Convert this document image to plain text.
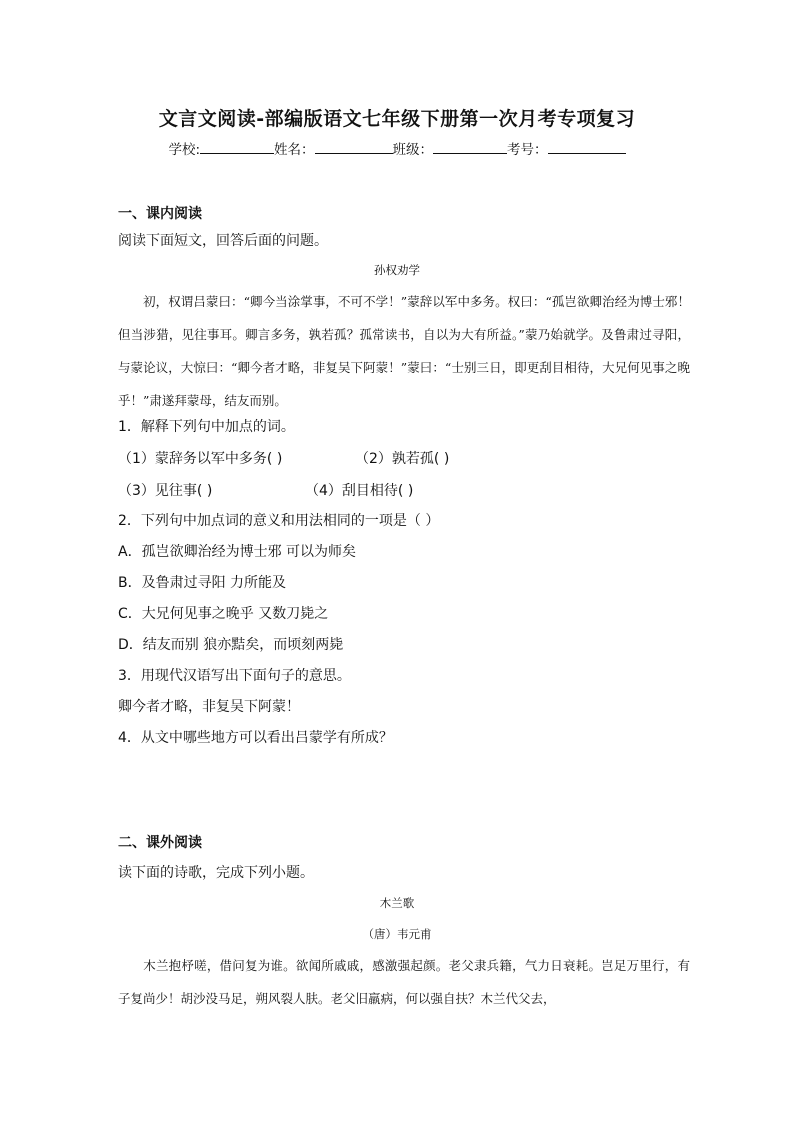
文言文阅读-部编版语文七年级下册第一次月考专项复习
学校:	姓名：	班级：	考号：
一、课内阅读
阅读下面短文，回答后面的问题。
孙权劝学
初，权谓吕蒙曰：“卿今当涂掌事，不可不学！”蒙辞以军中多务。权曰：“孤岂欲卿治经为博士邪！但当涉猎，见往事耳。卿言多务，孰若孤？孤常读书，自以为大有所益。”蒙乃始就学。及鲁肃过寻阳，与蒙论议，大惊曰：“卿今者才略，非复吴下阿蒙！”蒙曰：“士别三日，即更刮目相待，大兄何见事之晚乎！”肃遂拜蒙母，结友而别。
1．解释下列句中加点的词。
（1）蒙辞务以军中多务( )	（2）孰若孤( )
（3）见往事( )	（4）刮目相待( )
2．下列句中加点词的意义和用法相同的一项是（ ）
A．孤岂欲卿治经为博士邪 可以为师矣
B．及鲁肃过寻阳 力所能及
C．大兄何见事之晚乎 又数刀毙之
D．结友而别 狼亦黠矣，而顷刻两毙
3．用现代汉语写出下面句子的意思。
卿今者才略，非复吴下阿蒙！
4．从文中哪些地方可以看出吕蒙学有所成？
二、课外阅读
读下面的诗歌，完成下列小题。
木兰歌
（唐）韦元甫
木兰抱杼嗟，借问复为谁。欲闻所戚戚，感激强起颜。老父隶兵籍，气力日衰耗。岂足万里行，有子复尚少！胡沙没马足，朔风裂人肤。老父旧羸病，何以强自扶？木兰代父去，
